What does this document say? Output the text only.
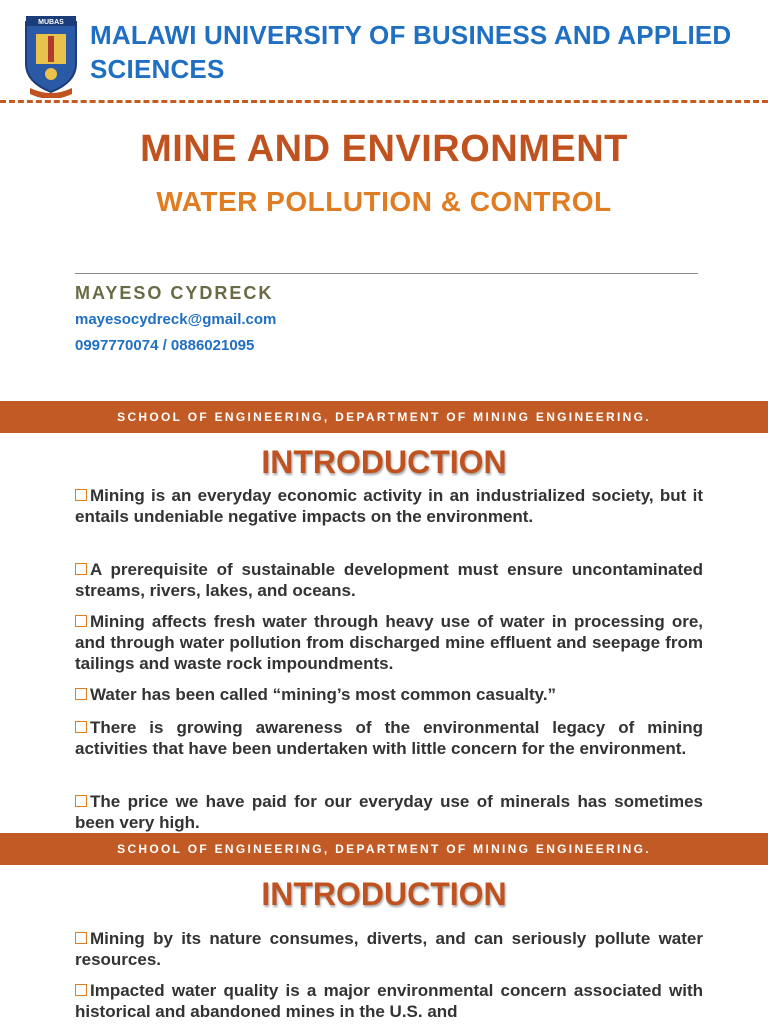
MUBAS MALAWI UNIVERSITY OF BUSINESS AND APPLIED
SCIENCES
MINE AND ENVIRONMENT
WATER POLLUTION & CONTROL
MAYESO CYDRECK
mayesocydreck@gmail.com
0997770074 / 0886021095
SCHOOL OF ENGINEERING, DEPARTMENT OF MINING ENGINEERING.
INTRODUCTION
Mining is an everyday economic activity in an industrialized society, but it entails undeniable negative impacts on the environment.
A prerequisite of sustainable development must ensure uncontaminated streams, rivers, lakes, and oceans.
Mining affects fresh water through heavy use of water in processing ore, and through water pollution from discharged mine effluent and seepage from tailings and waste rock impoundments.
Water has been called “mining’s most common casualty.”
There is growing awareness of the environmental legacy of mining activities that have been undertaken with little concern for the environment.
The price we have paid for our everyday use of minerals has sometimes been very high.
SCHOOL OF ENGINEERING, DEPARTMENT OF MINING ENGINEERING.
INTRODUCTION
Mining by its nature consumes, diverts, and can seriously pollute water resources.
Impacted water quality is a major environmental concern associated with historical and abandoned mines in the U.S. and
